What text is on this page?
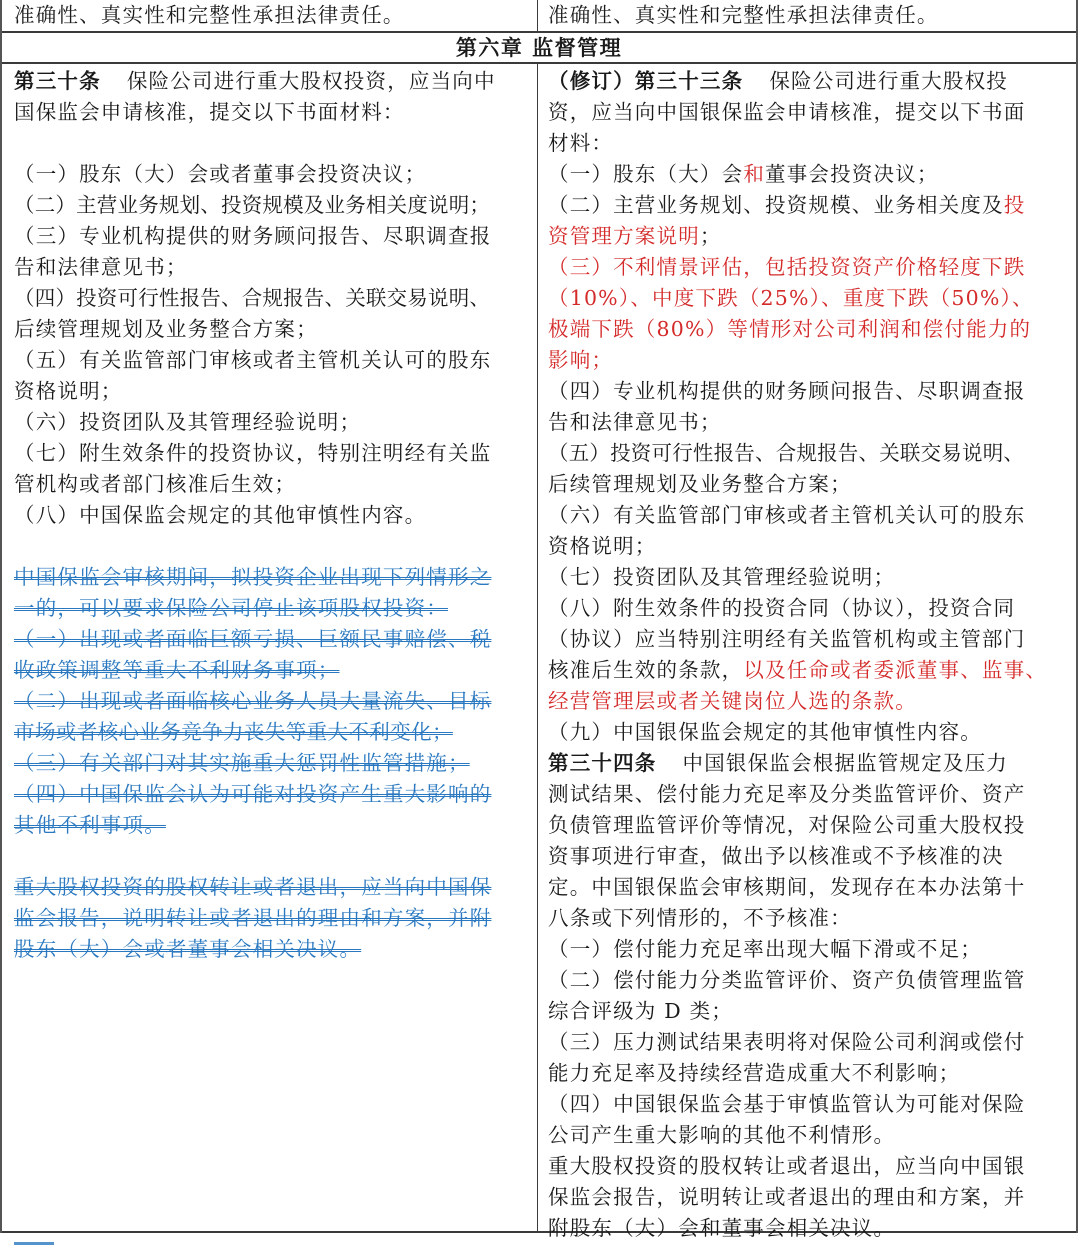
准确性、真实性和完整性承担法律责任。	准确性、真实性和完整性承担法律责任。
第六章 监督管理
第三十条 保险公司进行重大股权投资，应当向中
国保监会申请核准，提交以下书面材料：
（一）股东（大）会或者董事会投资决议；
（二）主营业务规划、投资规模及业务相关度说明；
（三）专业机构提供的财务顾问报告、尽职调查报
告和法律意见书；
（四）投资可行性报告、合规报告、关联交易说明、
后续管理规划及业务整合方案；
（五）有关监管部门审核或者主管机关认可的股东
资格说明；
（六）投资团队及其管理经验说明；
（七）附生效条件的投资协议，特别注明经有关监
管机构或者部门核准后生效；
（八）中国保监会规定的其他审慎性内容。
中国保监会审核期间，拟投资企业出现下列情形之
一的，可以要求保险公司停止该项股权投资：
（一）出现或者面临巨额亏损、巨额民事赔偿、税
收政策调整等重大不利财务事项；
（二）出现或者面临核心业务人员大量流失、目标
市场或者核心业务竞争力丧失等重大不利变化；
（三）有关部门对其实施重大惩罚性监管措施；
（四）中国保监会认为可能对投资产生重大影响的
其他不利事项。
重大股权投资的股权转让或者退出，应当向中国保
监会报告，说明转让或者退出的理由和方案，并附
股东（大）会或者董事会相关决议。
（修订）第三十三条 保险公司进行重大股权投
资，应当向中国银保监会申请核准，提交以下书面
材料：
（一）股东（大）会和董事会投资决议；
（二）主营业务规划、投资规模、业务相关度及投
资管理方案说明；
（三）不利情景评估，包括投资资产价格轻度下跌
（10%）、中度下跌（25%）、重度下跌（50%）、
极端下跌（80%）等情形对公司利润和偿付能力的
影响；
（四）专业机构提供的财务顾问报告、尽职调查报
告和法律意见书；
（五）投资可行性报告、合规报告、关联交易说明、
后续管理规划及业务整合方案；
（六）有关监管部门审核或者主管机关认可的股东
资格说明；
（七）投资团队及其管理经验说明；
（八）附生效条件的投资合同（协议），投资合同
（协议）应当特别注明经有关监管机构或主管部门
核准后生效的条款，以及任命或者委派董事、监事、
经营管理层或者关键岗位人选的条款。
（九）中国银保监会规定的其他审慎性内容。
第三十四条 中国银保监会根据监管规定及压力
测试结果、偿付能力充足率及分类监管评价、资产
负债管理监管评价等情况，对保险公司重大股权投
资事项进行审查，做出予以核准或不予核准的决
定。中国银保监会审核期间，发现存在本办法第十
八条或下列情形的，不予核准：
（一）偿付能力充足率出现大幅下滑或不足；
（二）偿付能力分类监管评价、资产负债管理监管
综合评级为 D 类；
（三）压力测试结果表明将对保险公司利润或偿付
能力充足率及持续经营造成重大不利影响；
（四）中国银保监会基于审慎监管认为可能对保险
公司产生重大影响的其他不利情形。
重大股权投资的股权转让或者退出，应当向中国银
保监会报告，说明转让或者退出的理由和方案，并
附股东（大）会和董事会相关决议。
